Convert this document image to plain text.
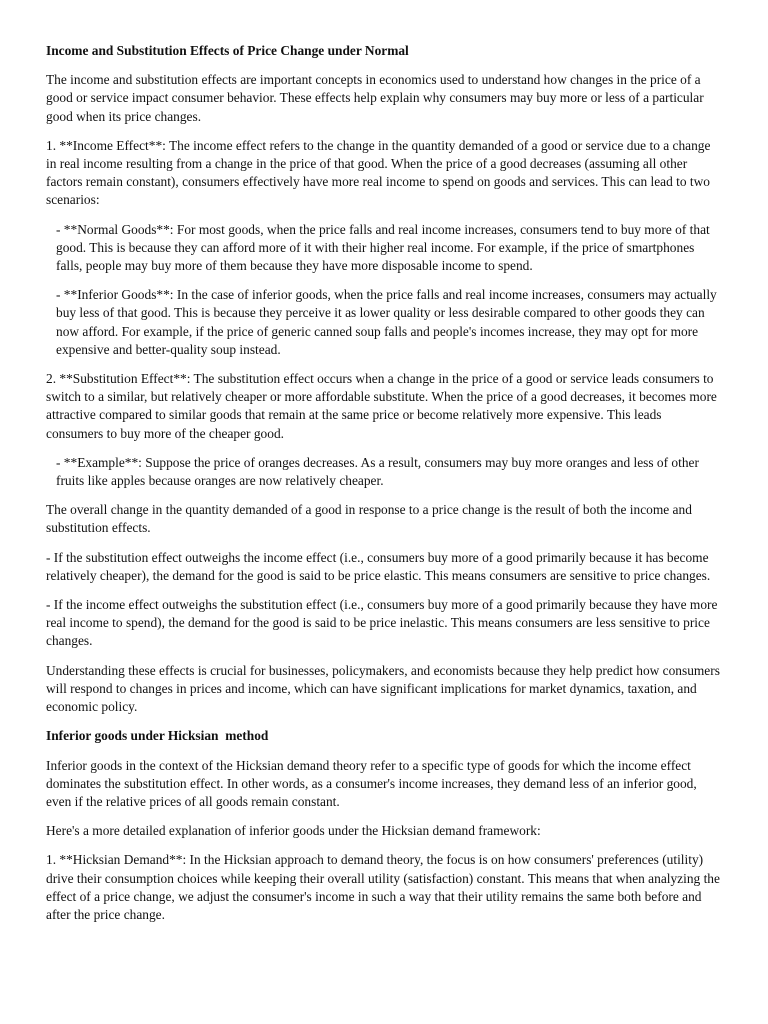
Income and Substitution Effects of Price Change under Normal

The income and substitution effects are important concepts in economics used to understand how changes in the price of a good or service impact consumer behavior. These effects help explain why consumers may buy more or less of a particular good when its price changes.

1. **Income Effect**: The income effect refers to the change in the quantity demanded of a good or service due to a change in real income resulting from a change in the price of that good. When the price of a good decreases (assuming all other factors remain constant), consumers effectively have more real income to spend on goods and services. This can lead to two scenarios:

- **Normal Goods**: For most goods, when the price falls and real income increases, consumers tend to buy more of that good. This is because they can afford more of it with their higher real income. For example, if the price of smartphones falls, people may buy more of them because they have more disposable income to spend.

- **Inferior Goods**: In the case of inferior goods, when the price falls and real income increases, consumers may actually buy less of that good. This is because they perceive it as lower quality or less desirable compared to other goods they can now afford. For example, if the price of generic canned soup falls and people's incomes increase, they may opt for more expensive and better-quality soup instead.

2. **Substitution Effect**: The substitution effect occurs when a change in the price of a good or service leads consumers to switch to a similar, but relatively cheaper or more affordable substitute. When the price of a good decreases, it becomes more attractive compared to similar goods that remain at the same price or become relatively more expensive. This leads consumers to buy more of the cheaper good.

- **Example**: Suppose the price of oranges decreases. As a result, consumers may buy more oranges and less of other fruits like apples because oranges are now relatively cheaper.

The overall change in the quantity demanded of a good in response to a price change is the result of both the income and substitution effects.

- If the substitution effect outweighs the income effect (i.e., consumers buy more of a good primarily because it has become relatively cheaper), the demand for the good is said to be price elastic. This means consumers are sensitive to price changes.

- If the income effect outweighs the substitution effect (i.e., consumers buy more of a good primarily because they have more real income to spend), the demand for the good is said to be price inelastic. This means consumers are less sensitive to price changes.

Understanding these effects is crucial for businesses, policymakers, and economists because they help predict how consumers will respond to changes in prices and income, which can have significant implications for market dynamics, taxation, and economic policy.

Inferior goods under Hicksian  method

Inferior goods in the context of the Hicksian demand theory refer to a specific type of goods for which the income effect dominates the substitution effect. In other words, as a consumer's income increases, they demand less of an inferior good, even if the relative prices of all goods remain constant.

Here's a more detailed explanation of inferior goods under the Hicksian demand framework:

1. **Hicksian Demand**: In the Hicksian approach to demand theory, the focus is on how consumers' preferences (utility) drive their consumption choices while keeping their overall utility (satisfaction) constant. This means that when analyzing the effect of a price change, we adjust the consumer's income in such a way that their utility remains the same both before and after the price change.
